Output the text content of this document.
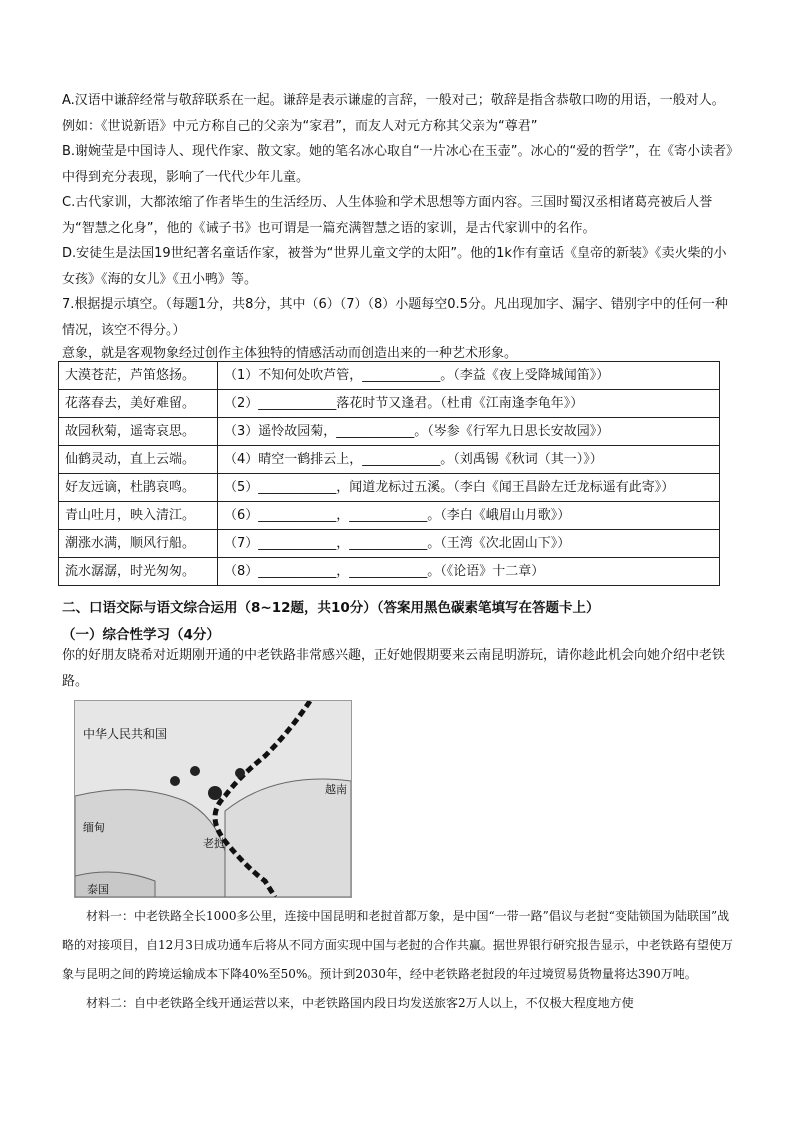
A.汉语中谦辞经常与敬辞联系在一起。谦辞是表示谦虚的言辞，一般对己；敬辞是指含恭敬口吻的用语，一般对人。例如：《世说新语》中元方称自己的父亲为“家君”，而友人对元方称其父亲为“尊君”

B.谢婉莹是中国诗人、现代作家、散文家。她的笔名冰心取自“一片冰心在玉壶”。冰心的“爱的哲学”，在《寄小读者》中得到充分表现，影响了一代代少年儿童。

C.古代家训，大都浓缩了作者毕生的生活经历、人生体验和学术思想等方面内容。三国时蜀汉丞相诸葛亮被后人誉为“智慧之化身”，他的《诫子书》也可谓是一篇充满智慧之语的家训，是古代家训中的名作。

D.安徒生是法国19世纪著名童话作家，被誉为“世界儿童文学的太阳”。他的1k作有童话《皇帝的新装》《卖火柴的小女孩》《海的女儿》《丑小鸭》等。

7.根据提示填空。（每题1分，共8分，其中（6）（7）（8）小题每空0.5分。凡出现加字、漏字、错别字中的任何一种情况，该空不得分。）

意象，就是客观物象经过创作主体独特的情感活动而创造出来的一种艺术形象。

大漠苍茫，芦笛悠扬。	（1）不知何处吹芦管，____________。（李益《夜上受降城闻笛》）
花落春去，美好难留。	（2）____________落花时节又逢君。（杜甫《江南逢李龟年》）
故园秋菊，遥寄哀思。	（3）遥怜故园菊，____________。（岑参《行军九日思长安故园》）
仙鹤灵动，直上云端。	（4）晴空一鹤排云上，____________。（刘禹锡《秋词（其一）》）
好友远谪，杜鹃哀鸣。	（5）____________，闻道龙标过五溪。（李白《闻王昌龄左迁龙标遥有此寄》）
青山吐月，映入清江。	（6）____________，____________。（李白《峨眉山月歌》）
潮涨水满，顺风行船。	（7）____________，____________。（王湾《次北固山下》）
流水潺潺，时光匆匆。	（8）____________，____________。（《论语》十二章）
二、口语交际与语文综合运用（8~12题，共10分）（答案用黑色碳素笔填写在答题卡上）
（一）综合性学习（4分）
你的好朋友晓希对近期刚开通的中老铁路非常感兴趣，正好她假期要来云南昆明游玩，请你趁此机会向她介绍中老铁路。
中华人民共和国
缅甸
老挝
越南
泰国

材料一：中老铁路全长1000多公里，连接中国昆明和老挝首都万象，是中国“一带一路”倡议与老挝“变陆锁国为陆联国”战略的对接项目，自12月3日成功通车后将从不同方面实现中国与老挝的合作共赢。据世界银行研究报告显示，中老铁路有望使万象与昆明之间的跨境运输成本下降40%至50%。预计到2030年，经中老铁路老挝段的年过境贸易货物量将达390万吨。

材料二：自中老铁路全线开通运营以来，中老铁路国内段日均发送旅客2万人以上，不仅极大程度地方使
